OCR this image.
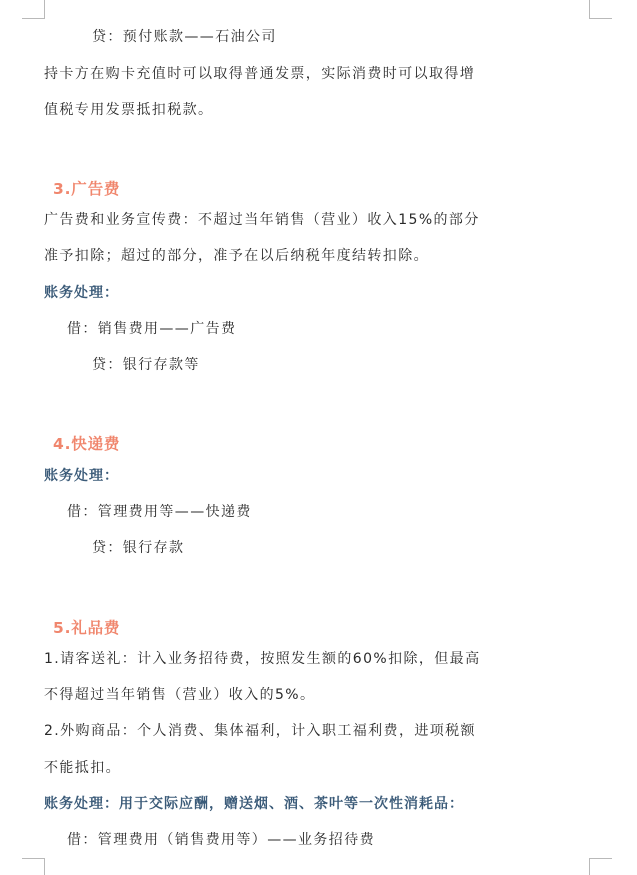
贷：预付账款——石油公司
持卡方在购卡充值时可以取得普通发票，实际消费时可以取得增
值税专用发票抵扣税款。
3.广告费
广告费和业务宣传费：不超过当年销售（营业）收入15%的部分
准予扣除；超过的部分，准予在以后纳税年度结转扣除。
账务处理：
借：销售费用——广告费
贷：银行存款等
4.快递费
账务处理：
借：管理费用等——快递费
贷：银行存款
5.礼品费
1.请客送礼：计入业务招待费，按照发生额的60%扣除，但最高
不得超过当年销售（营业）收入的5%。
2.外购商品：个人消费、集体福利，计入职工福利费，进项税额
不能抵扣。
账务处理：用于交际应酬，赠送烟、酒、茶叶等一次性消耗品：
借：管理费用（销售费用等）——业务招待费
